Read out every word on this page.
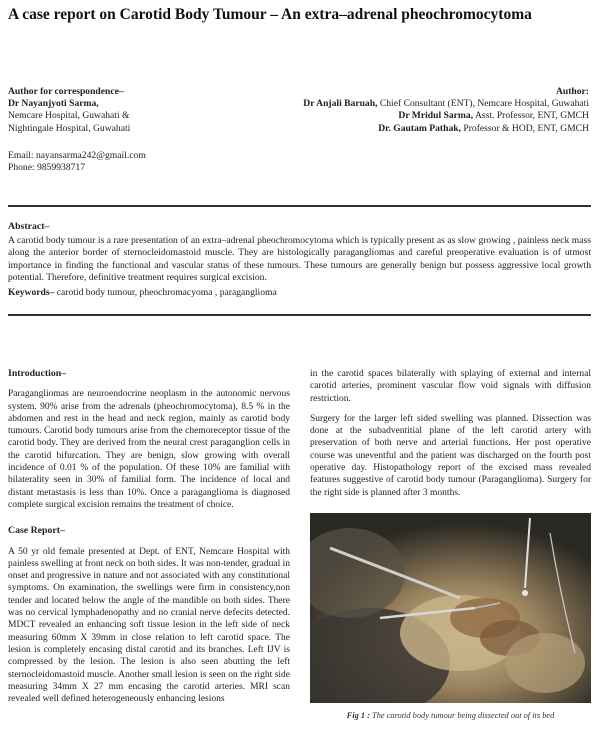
A case report on Carotid Body Tumour – An extra–adrenal pheochromocytoma
Author for correspondence–
Dr Nayanjyoti Sarma,
Nemcare Hospital, Guwahati &
Nightingale Hospital, Guwahati
Author:
Dr Anjali Baruah, Chief Consultant (ENT), Nemcare Hospital, Guwahati
Dr Mridul Sarma, Asst. Professor, ENT, GMCH
Dr. Gautam Pathak, Professor & HOD, ENT, GMCH
Email: nayansarma242@gmail.com
Phone: 9859938717
Abstract–
A carotid body tumour is a rare presentation of an extra–adrenal pheochromocytoma which is typically present as as slow growing , painless neck mass along the anterior border of sternocleidomastoid muscle. They are histologically paragangliomas and careful preoperative evaluation is of utmost importance in finding the functional and vascular status of these tumours. These tumours are generally benign but possess aggressive local growth potential. Therefore, definitive treatment requires surgical excision.
Keywords– carotid body tumour, pheochromacyoma , paraganglioma
Introduction–
Paragangliomas are neuroendocrine neoplasm in the autonomic nervous system. 90% arise from the adrenals (pheochromocytoma), 8.5 % in the abdomen and rest in the head and neck region, mainly as carotid body tumours. Carotid body tumours arise from the chemoreceptor tissue of the carotid body. They are derived from the neural crest paraganglion cells in the carotid bifurcation. They are benign, slow growing with overall incidence of 0.01 % of the population. Of these 10% are familial with bilaterality seen in 30% of familial form. The incidence of local and distant metastasis is less than 10%. Once a paraganglioma is diagnosed complete surgical excision remains the treatment of choice.
Case Report–
A 50 yr old female presented at Dept. of ENT, Nemcare Hospital with painless swelling at front neck on both sides. It was non-tender, gradual in onset and progressive in nature and not associated with any constitutional symptoms. On examination, the swellings were firm in consistency,non tender and located below the angle of the mandible on both sides. There was no cervical lymphadenopathy and no cranial nerve defecits detected. MDCT revealed an enhancing soft tissue lesion in the left side of neck measuring 60mm X 39mm in close relation to left carotid space. The lesion is completely encasing distal carotid and its branches. Left IJV is compressed by the lesion. The lesion is also seen abutting the left sternocleidomastoid muscle. Another small lesion is seen on the right side measuring 34mm X 27 mm encasing the carotid arteries. MRI scan revealed well defined heterogeneously enhancing lesions
in the carotid spaces bilaterally with splaying of external and internal carotid arteries, prominent vascular flow void signals with diffusion restriction.
Surgery for the larger left sided swelling was planned. Dissection was done at the subadventitial plane of the left carotid artery with preservation of both nerve and arterial functions. Her post operative course was uneventful and the patient was discharged on the fourth post operative day. Histopathology report of the excised mass revealed features suggestive of carotid body tumour (Paraganglioma). Surgery for the right side is planned after 3 months.
Fig 1 : The carotid body tumour being dissected out of its bed
